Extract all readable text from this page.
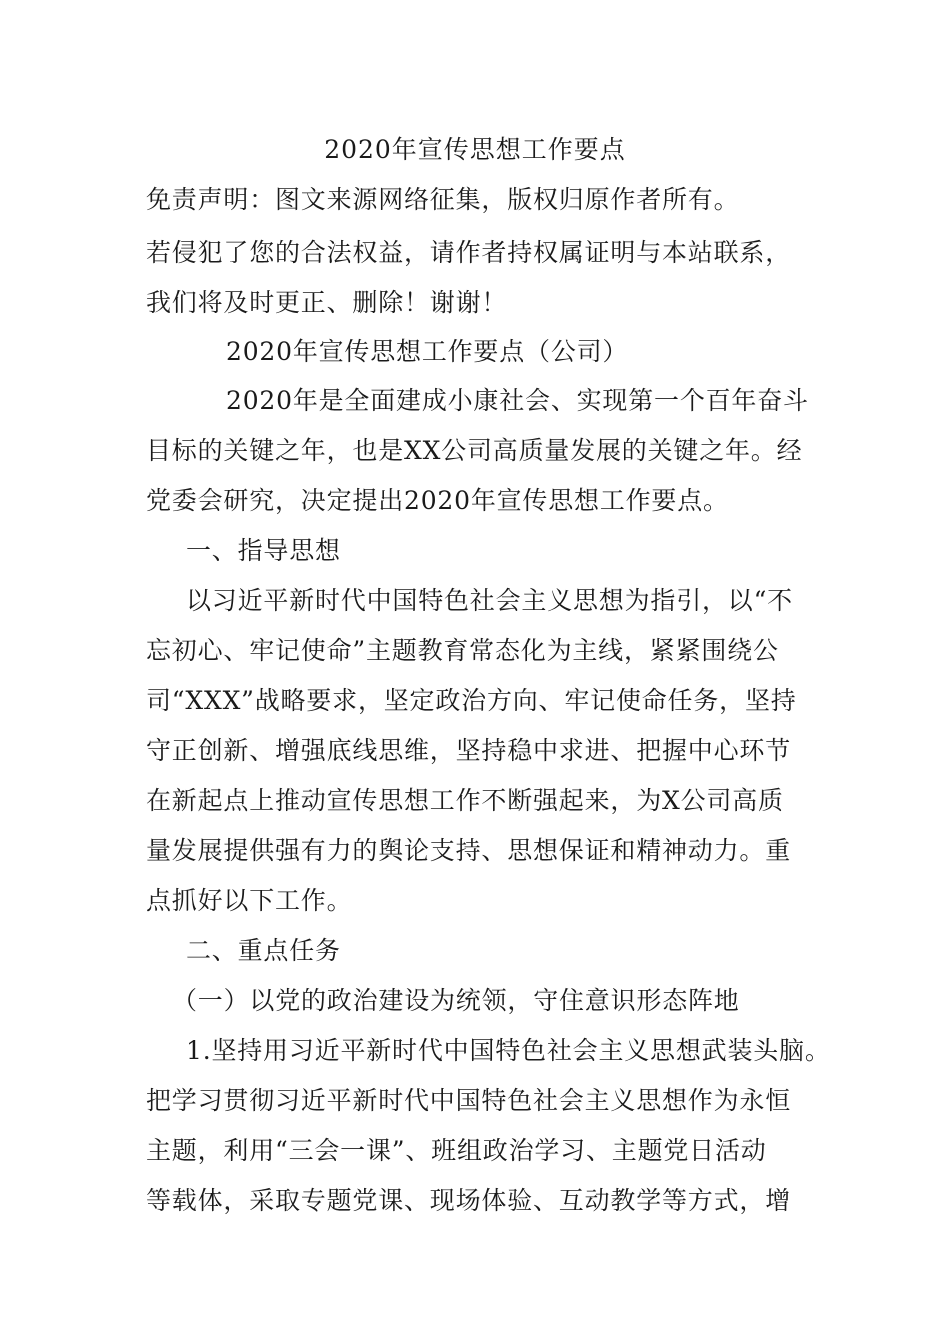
2020年宣传思想工作要点
免责声明：图文来源网络征集，版权归原作者所有。
若侵犯了您的合法权益，请作者持权属证明与本站联系，
我们将及时更正、删除！谢谢！
2020年宣传思想工作要点（公司）
2020年是全面建成小康社会、实现第一个百年奋斗
目标的关键之年，也是XX公司高质量发展的关键之年。经
党委会研究，决定提出2020年宣传思想工作要点。
一、指导思想
以习近平新时代中国特色社会主义思想为指引，以“不
忘初心、牢记使命”主题教育常态化为主线，紧紧围绕公
司“XXX”战略要求，坚定政治方向、牢记使命任务，坚持
守正创新、增强底线思维，坚持稳中求进、把握中心环节
在新起点上推动宣传思想工作不断强起来，为X公司高质
量发展提供强有力的舆论支持、思想保证和精神动力。重
点抓好以下工作。
二、重点任务
（一）以党的政治建设为统领，守住意识形态阵地
1.坚持用习近平新时代中国特色社会主义思想武装头脑。
把学习贯彻习近平新时代中国特色社会主义思想作为永恒
主题，利用“三会一课”、班组政治学习、主题党日活动
等载体，采取专题党课、现场体验、互动教学等方式，增
